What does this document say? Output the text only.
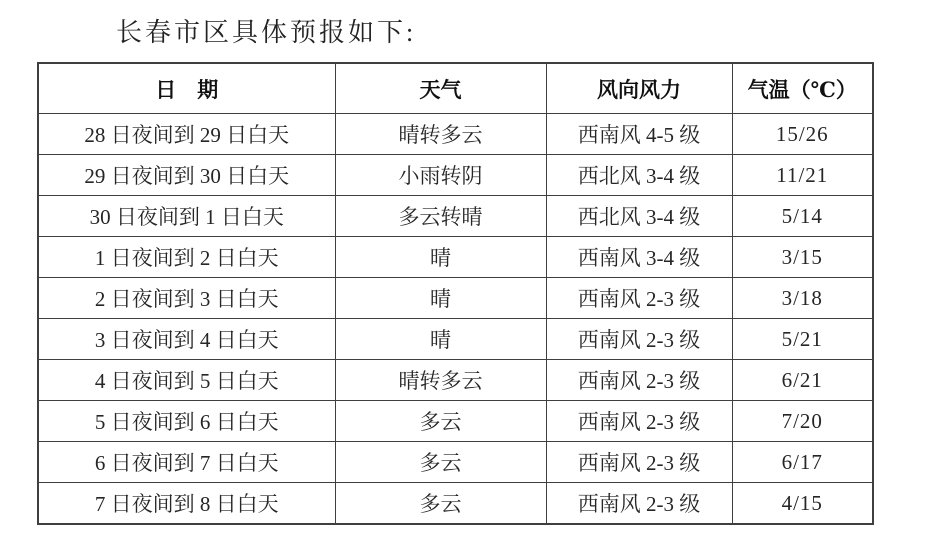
长春市区具体预报如下:
日　期	天气	风向风力	气温（℃）
28 日夜间到 29 日白天	晴转多云	西南风 4-5 级	15/26
29 日夜间到 30 日白天	小雨转阴	西北风 3-4 级	11/21
30 日夜间到 1 日白天	多云转晴	西北风 3-4 级	5/14
1 日夜间到 2 日白天	晴	西南风 3-4 级	3/15
2 日夜间到 3 日白天	晴	西南风 2-3 级	3/18
3 日夜间到 4 日白天	晴	西南风 2-3 级	5/21
4 日夜间到 5 日白天	晴转多云	西南风 2-3 级	6/21
5 日夜间到 6 日白天	多云	西南风 2-3 级	7/20
6 日夜间到 7 日白天	多云	西南风 2-3 级	6/17
7 日夜间到 8 日白天	多云	西南风 2-3 级	4/15
